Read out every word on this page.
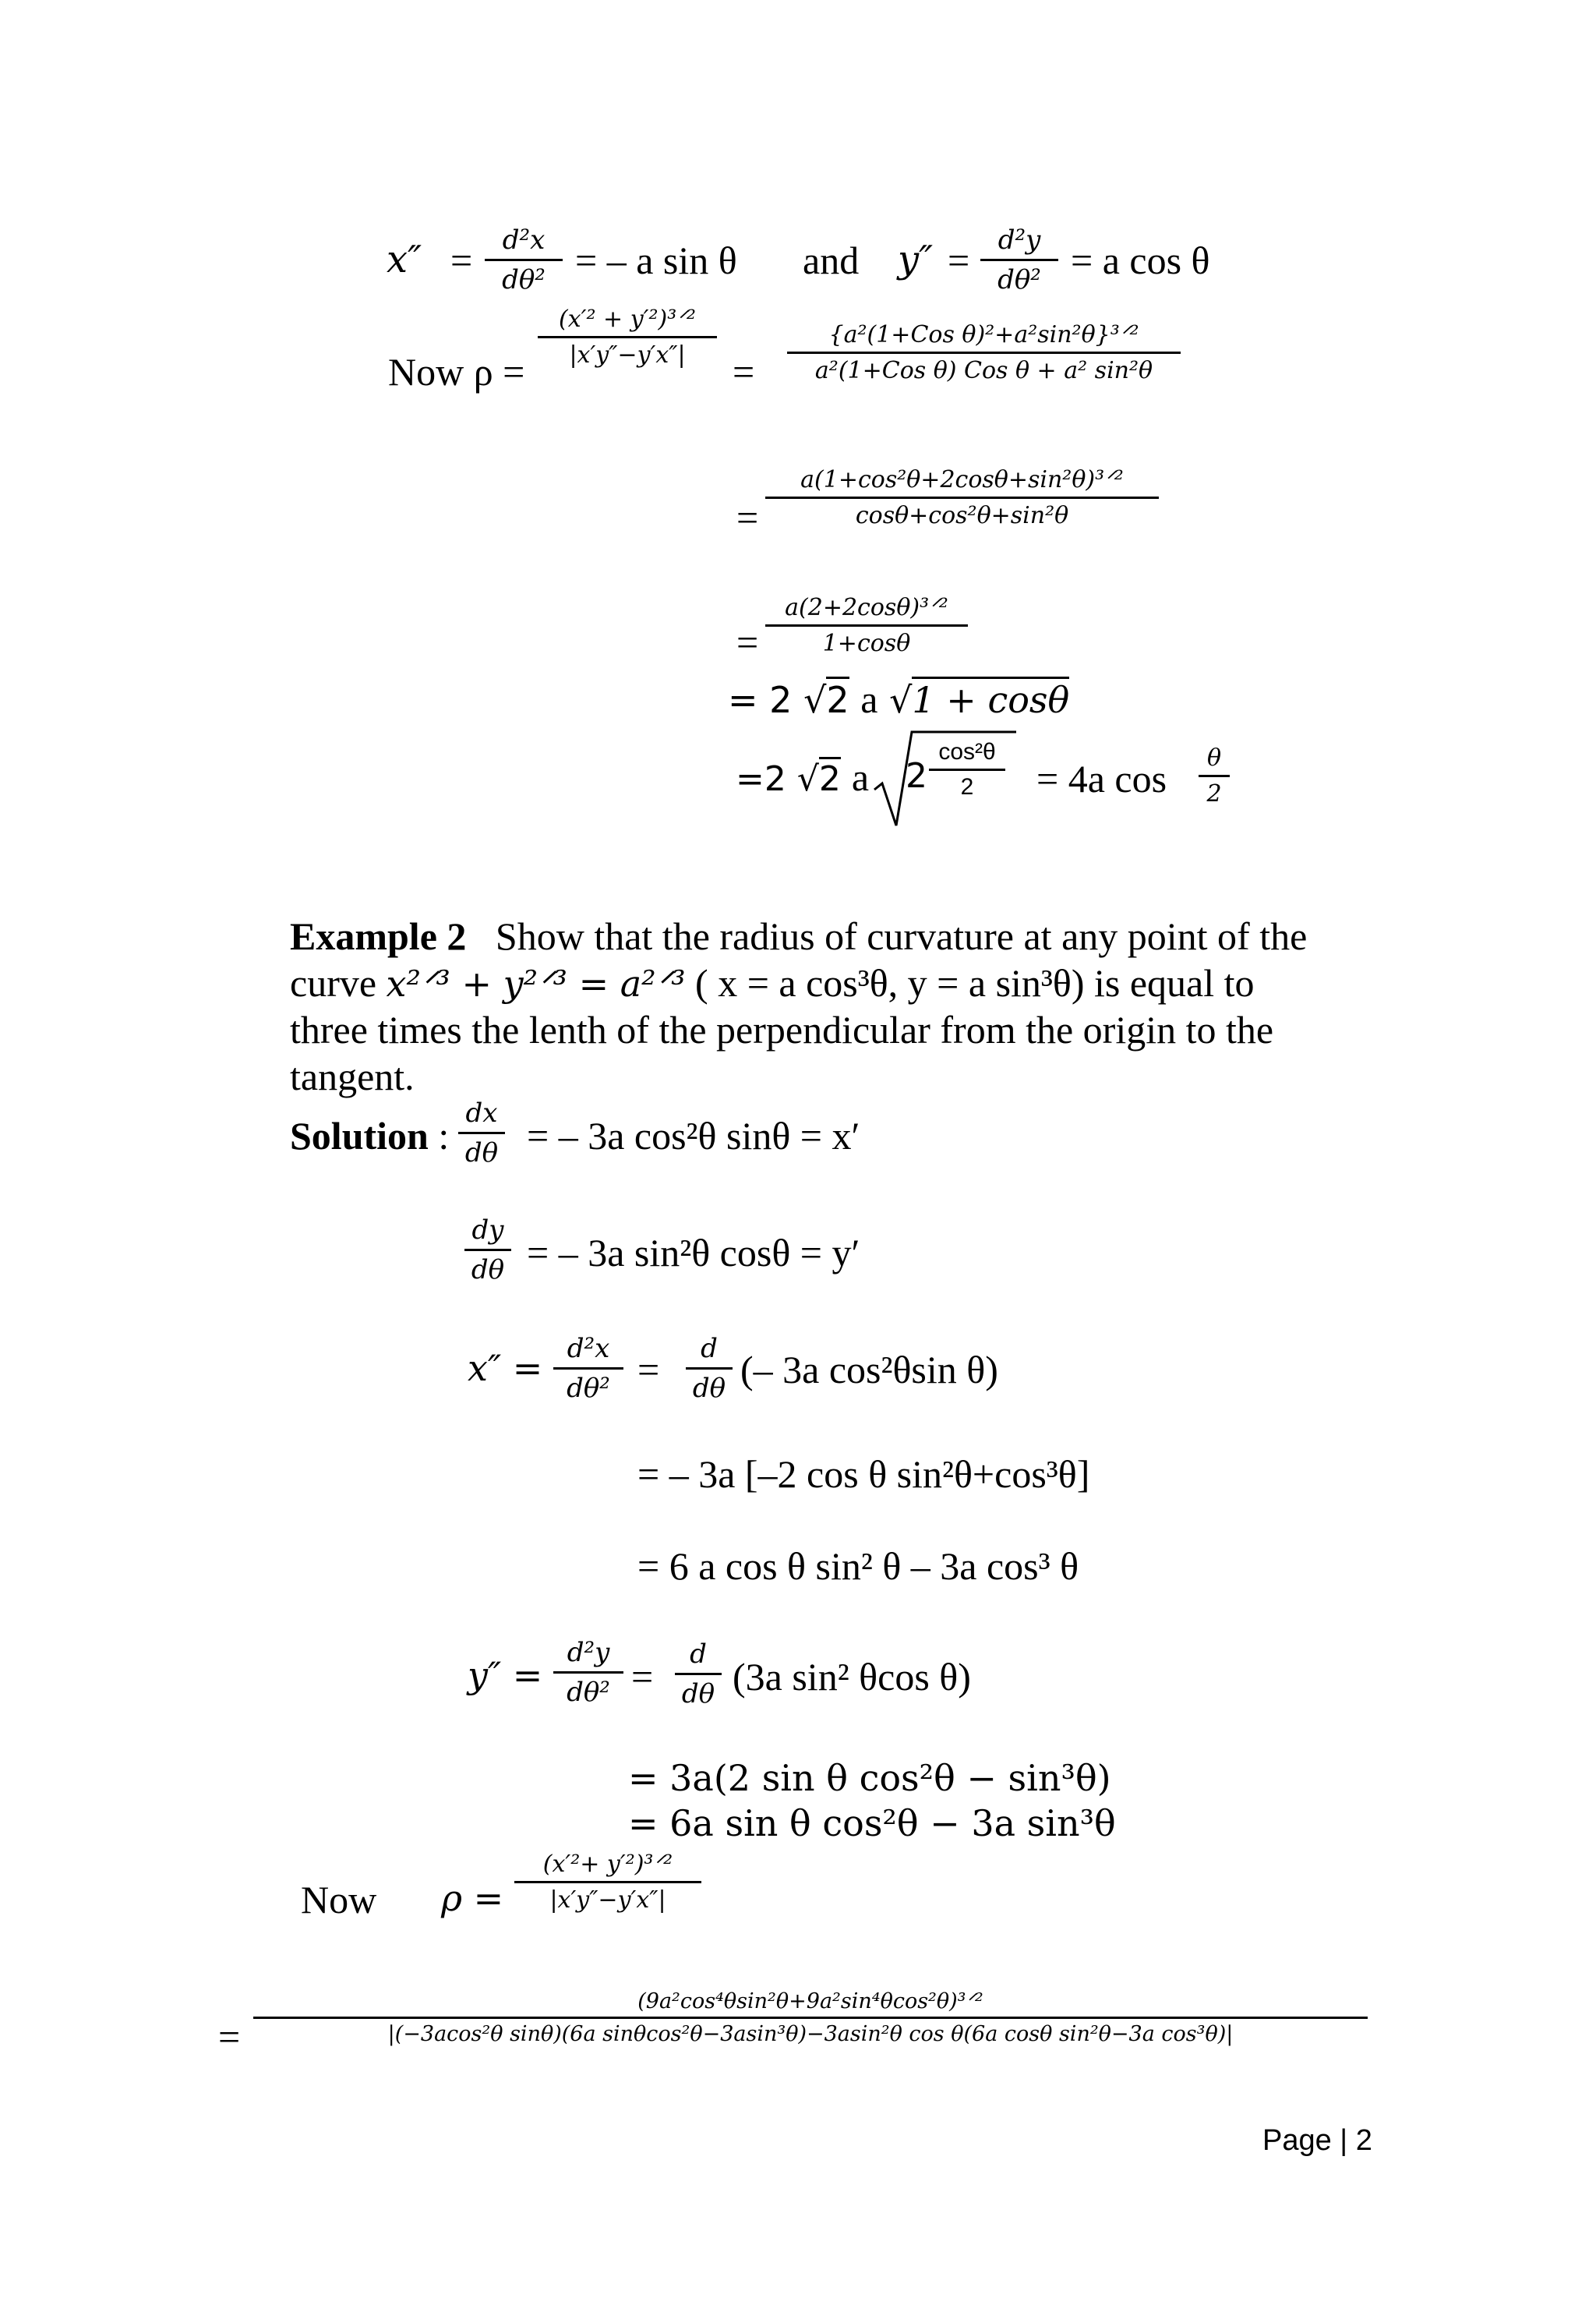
x″ =	d²x
dθ² = – a sin θ and y″ =	d²y
dθ² = a cos θ
Now ρ =
(x′² + y′²)³ᐟ²
|x′y″−y′x″|	=
{a²(1+Cos θ)²+a²sin²θ}³ᐟ²
a²(1+Cos θ) Cos θ + a² sin²θ
=
a(1+cos²θ+2cosθ+sin²θ)³ᐟ²
cosθ+cos²θ+sin²θ
=
a(2+2cosθ)³ᐟ²
1+cosθ
= 2 √2 a √1 + cosθ
=2 √2 a 2
cos²θ
2	= 4a cos	θ
2
Example 2 Show that the radius of curvature at any point of the
curve x²ᐟ³ + y²ᐟ³ = a²ᐟ³ ( x = a cos³θ, y = a sin³θ) is equal to
three times the lenth of the perpendicular from the origin to the
tangent.
Solution :
dx
dθ = – 3a cos²θ sinθ = x′
dy
dθ = – 3a sin²θ cosθ = y′
x″ = d²x
dθ² =	d
dθ (– 3a cos²θsin θ)
= – 3a [–2 cos θ sin²θ+cos³θ]
= 6 a cos θ sin² θ – 3a cos³ θ
y″ =
d²y
dθ² =
d
dθ (3a sin² θcos θ)
= 3a(2 sin θ cos²θ − sin³θ)
= 6a sin θ cos²θ − 3a sin³θ
Now ρ =
(x′²+ y′²)³ᐟ²
|x′y″−y′x″|
=
(9a²cos⁴θsin²θ+9a²sin⁴θcos²θ)³ᐟ²
|(−3acos²θ sinθ)(6a sinθcos²θ−3asin³θ)−3asin²θ cos θ(6a cosθ sin²θ−3a cos³θ)|
Page | 2
